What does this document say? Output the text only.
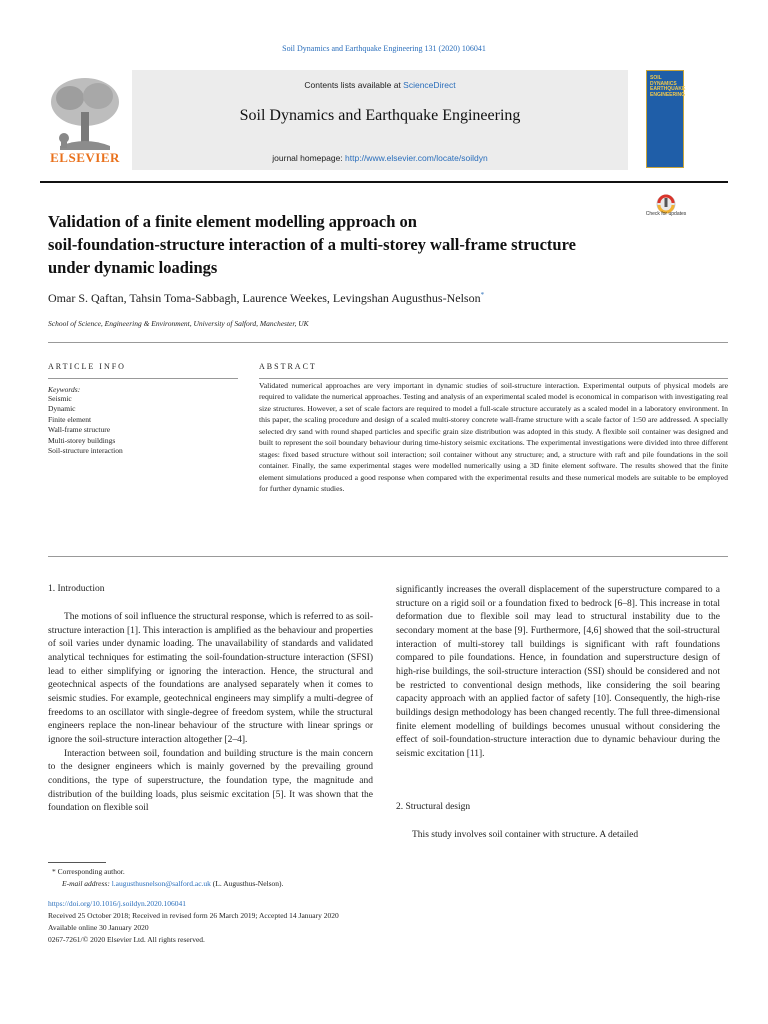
Soil Dynamics and Earthquake Engineering 131 (2020) 106041
ELSEVIER
Contents lists available at ScienceDirect
Soil Dynamics and Earthquake Engineering
journal homepage: http://www.elsevier.com/locate/soildyn
SOIL DYNAMICS EARTHQUAKE ENGINEERING
Check for updates
Validation of a finite element modelling approach on
soil-foundation-structure interaction of a multi-storey wall-frame structure
under dynamic loadings
Omar S. Qaftan, Tahsin Toma-Sabbagh, Laurence Weekes, Levingshan Augusthus-Nelson*
School of Science, Engineering & Environment, University of Salford, Manchester, UK
ARTICLE INFO	ABSTRACT
Keywords:
Seismic
Dynamic
Finite element
Wall-frame structure
Multi-storey buildings
Soil-structure interaction
Validated numerical approaches are very important in dynamic studies of soil-structure interaction. Experimental outputs of physical models are required to validate the numerical approaches. Testing and analysis of an experimental scaled model is economical in comparison with investigating real size structures. However, a set of scale factors are required to model a full-scale structure accurately as a scaled model in a laboratory environment. In this paper, the scaling procedure and design of a scaled multi-storey concrete wall-frame structure with a scale factor of 1:50 are addressed. A specially selected dry sand with round shaped particles and specific grain size distribution was adopted in this study. A flexible soil container was designed and built to represent the soil boundary behaviour during time-history seismic excitations. The experimental investigations were divided into three different stages: fixed based structure without soil interaction; soil container without any structure; and, a structure with raft and pile foundations in the soil container. Finally, the same experimental stages were modelled numerically using a 3D finite element software. The results showed that the finite element simulations produced a good response when compared with the experimental results and these numerical models are suitable to be employed for further dynamic studies.
1. Introduction

The motions of soil influence the structural response, which is referred to as soil-structure interaction [1]. This interaction is amplified as the behaviour and properties of soil varies under dynamic loading. The unavailability of standards and validated analytical techniques for estimating the soil-foundation-structure interaction (SFSI) lead to either simplifying or ignoring the interaction. Hence, the structural and geotechnical aspects of the foundations are analysed separately when it comes to seismic studies. For example, geotechnical engineers may simplify a multi-degree of freedoms to an oscillator with single-degree of freedom system, while the structural engineers replace the non-linear behaviour of the structure with linear springs or ignore the soil-structure interaction altogether [2–4].

Interaction between soil, foundation and building structure is the main concern to the designer engineers which is mainly governed by the prevailing ground conditions, the type of superstructure, the foundation type, the magnitude and distribution of the building loads, plus seismic excitation [5]. It was shown that the foundation on flexible soil

significantly increases the overall displacement of the superstructure compared to a structure on a rigid soil or a foundation fixed to bedrock [6–8]. This increase in total deformation due to flexible soil may lead to structural instability due to the secondary moment at the base [9]. Furthermore, [4,6] showed that the soil-structural interaction of multi-storey tall buildings is significant with raft foundations compared to pile foundations. Hence, in foundation and superstructure design of high-rise buildings, the soil-structure interaction (SSI) should be considered and not be restricted to conventional design methods, like considering the soil bearing capacity approach with an applied factor of safety [10]. Consequently, the high-rise buildings design methodology has been changed recently. The full three-dimensional finite element modelling of buildings becomes unusual without considering the effect of soil-foundation-structure interaction due to dynamic behaviour during the seismic excitation [11].

2. Structural design

This study involves soil container with structure. A detailed

* Corresponding author.
E-mail address: l.augusthusnelson@salford.ac.uk (L. Augusthus-Nelson).
https://doi.org/10.1016/j.soildyn.2020.106041
Received 25 October 2018; Received in revised form 26 March 2019; Accepted 14 January 2020
Available online 30 January 2020
0267-7261/© 2020 Elsevier Ltd. All rights reserved.
